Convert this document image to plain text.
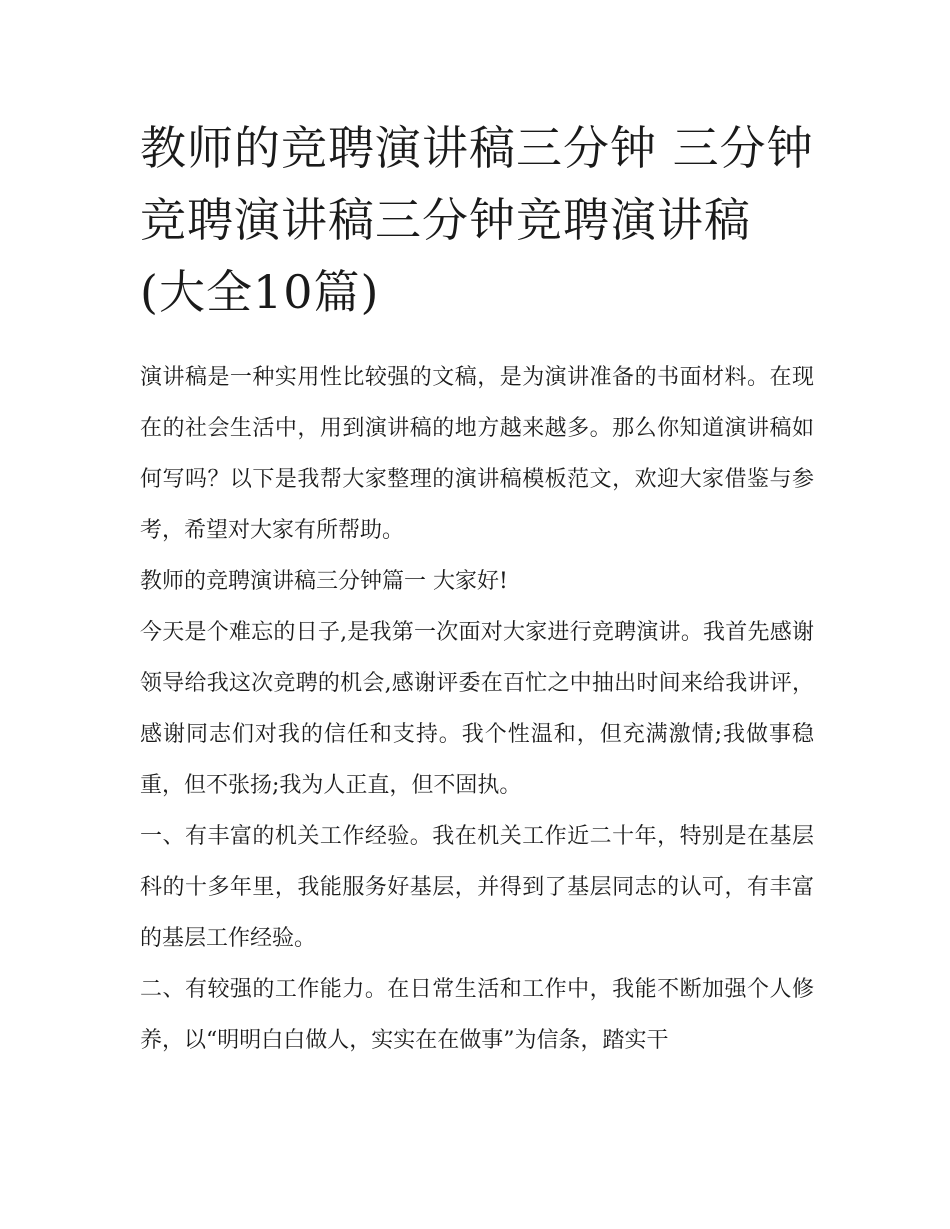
教师的竞聘演讲稿三分钟 三分钟竞聘演讲稿三分钟竞聘演讲稿(大全10篇)

演讲稿是一种实用性比较强的文稿，是为演讲准备的书面材料。在现在的社会生活中，用到演讲稿的地方越来越多。那么你知道演讲稿如何写吗？以下是我帮大家整理的演讲稿模板范文，欢迎大家借鉴与参考，希望对大家有所帮助。

教师的竞聘演讲稿三分钟篇一 大家好!

今天是个难忘的日子,是我第一次面对大家进行竞聘演讲。我首先感谢领导给我这次竞聘的机会,感谢评委在百忙之中抽出时间来给我讲评，感谢同志们对我的信任和支持。我个性温和，但充满激情;我做事稳重，但不张扬;我为人正直，但不固执。

一、有丰富的机关工作经验。我在机关工作近二十年，特别是在基层科的十多年里，我能服务好基层，并得到了基层同志的认可，有丰富的基层工作经验。

二、有较强的工作能力。在日常生活和工作中，我能不断加强个人修养，以“明明白白做人，实实在在做事”为信条，踏实干
